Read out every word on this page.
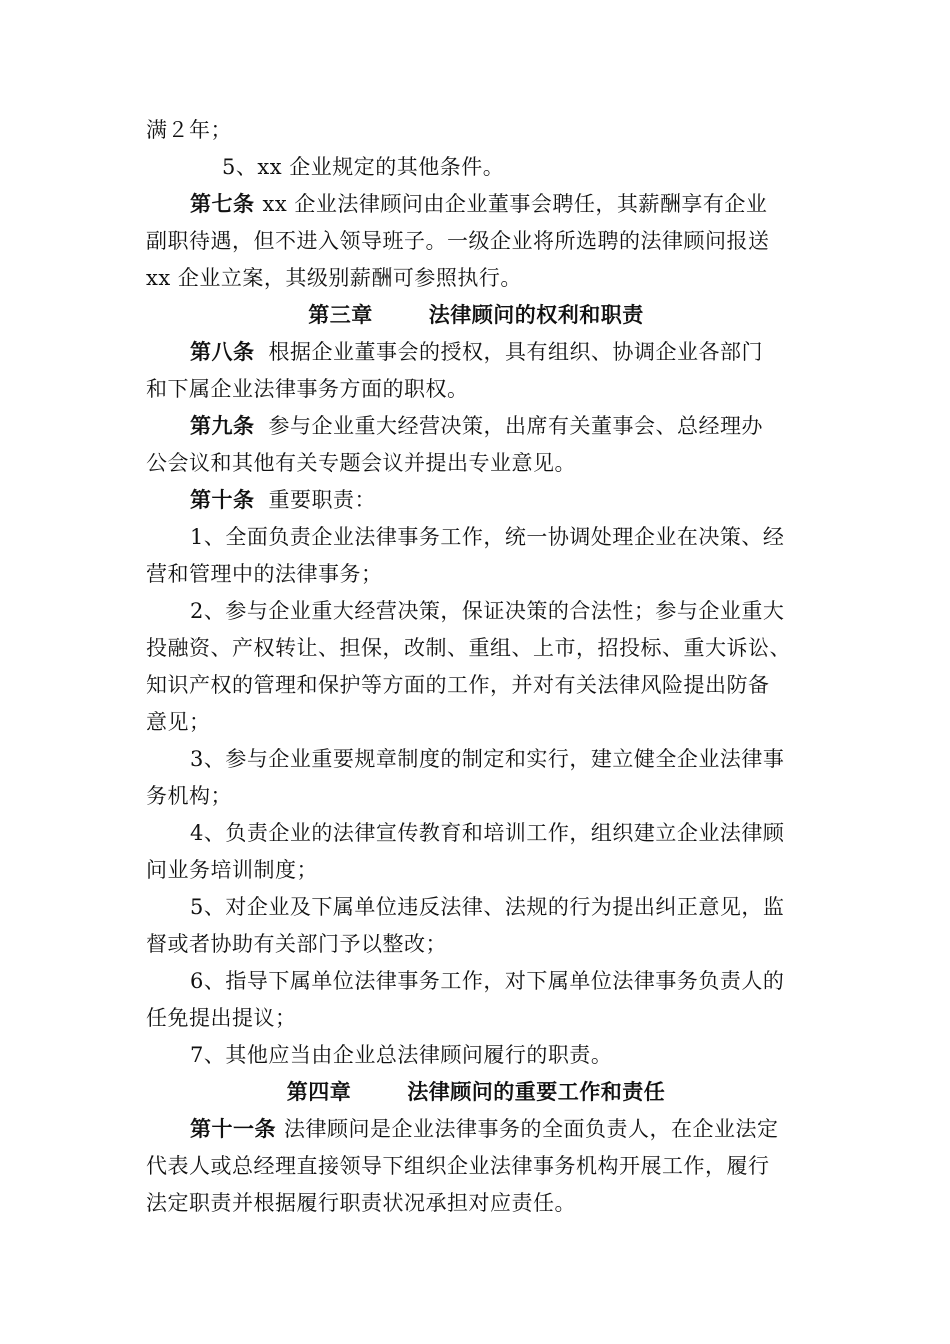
满２年；
5、xx 企业规定的其他条件。
第七条 xx 企业法律顾问由企业董事会聘任，其薪酬享有企业
副职待遇，但不进入领导班子。一级企业将所选聘的法律顾问报送
xx 企业立案，其级别薪酬可参照执行。
第三章	法律顾问的权利和职责
第八条 根据企业董事会的授权，具有组织、协调企业各部门
和下属企业法律事务方面的职权。
第九条 参与企业重大经营决策，出席有关董事会、总经理办
公会议和其他有关专题会议并提出专业意见。
第十条 重要职责：
1、全面负责企业法律事务工作，统一协调处理企业在决策、经
营和管理中的法律事务；
2、参与企业重大经营决策，保证决策的合法性；参与企业重大
投融资、产权转让、担保，改制、重组、上市，招投标、重大诉讼、
知识产权的管理和保护等方面的工作，并对有关法律风险提出防备
意见；
3、参与企业重要规章制度的制定和实行，建立健全企业法律事
务机构；
4、负责企业的法律宣传教育和培训工作，组织建立企业法律顾
问业务培训制度；
5、对企业及下属单位违反法律、法规的行为提出纠正意见，监
督或者协助有关部门予以整改；
6、指导下属单位法律事务工作，对下属单位法律事务负责人的
任免提出提议；
7、其他应当由企业总法律顾问履行的职责。
第四章	法律顾问的重要工作和责任
第十一条 法律顾问是企业法律事务的全面负责人，在企业法定
代表人或总经理直接领导下组织企业法律事务机构开展工作，履行
法定职责并根据履行职责状况承担对应责任。
